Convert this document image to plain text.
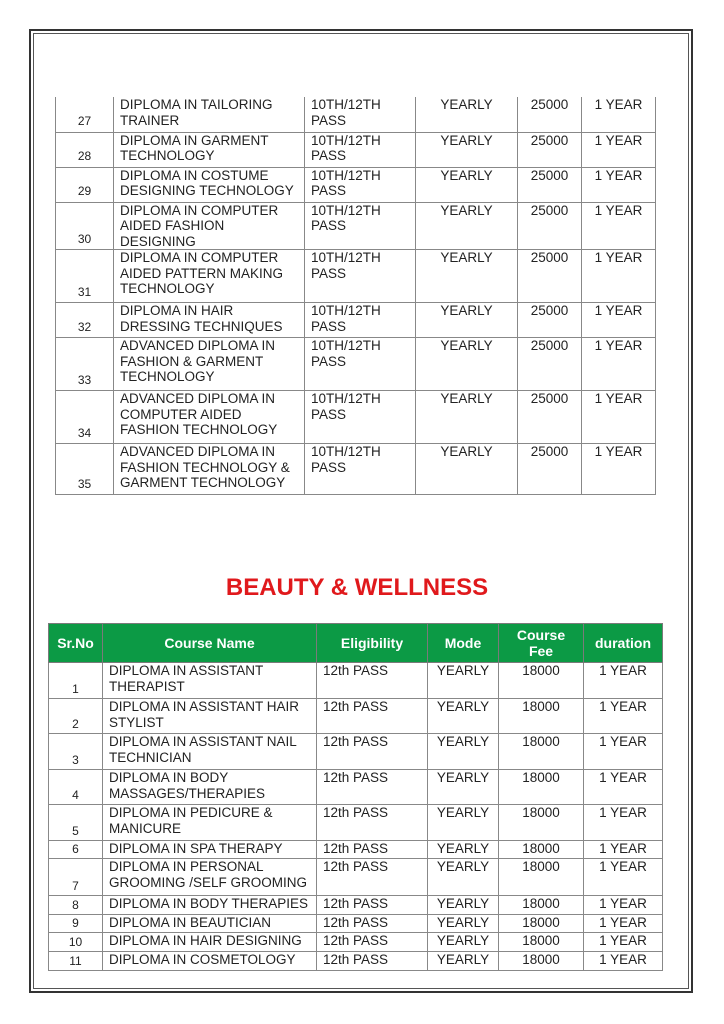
27	DIPLOMA IN TAILORING TRAINER	10TH/12TH PASS	YEARLY	25000	1 YEAR
28	DIPLOMA IN GARMENT TECHNOLOGY	10TH/12TH PASS	YEARLY	25000	1 YEAR
29	DIPLOMA IN COSTUME DESIGNING TECHNOLOGY	10TH/12TH PASS	YEARLY	25000	1 YEAR
30	DIPLOMA IN COMPUTER AIDED FASHION DESIGNING	10TH/12TH PASS	YEARLY	25000	1 YEAR
31	DIPLOMA IN COMPUTER AIDED PATTERN MAKING TECHNOLOGY	10TH/12TH PASS	YEARLY	25000	1 YEAR
32	DIPLOMA IN HAIR DRESSING TECHNIQUES	10TH/12TH PASS	YEARLY	25000	1 YEAR
33	ADVANCED DIPLOMA IN FASHION & GARMENT TECHNOLOGY	10TH/12TH PASS	YEARLY	25000	1 YEAR
34	ADVANCED DIPLOMA IN COMPUTER AIDED FASHION TECHNOLOGY	10TH/12TH PASS	YEARLY	25000	1 YEAR
35	ADVANCED DIPLOMA IN FASHION TECHNOLOGY & GARMENT TECHNOLOGY	10TH/12TH PASS	YEARLY	25000	1 YEAR
BEAUTY & WELLNESS
Sr.No	Course Name	Eligibility	Mode	Course Fee	duration
1	DIPLOMA IN ASSISTANT THERAPIST	12th PASS	YEARLY	18000	1 YEAR
2	DIPLOMA IN ASSISTANT HAIR STYLIST	12th PASS	YEARLY	18000	1 YEAR
3	DIPLOMA IN ASSISTANT NAIL TECHNICIAN	12th PASS	YEARLY	18000	1 YEAR
4	DIPLOMA IN BODY MASSAGES/THERAPIES	12th PASS	YEARLY	18000	1 YEAR
5	DIPLOMA IN PEDICURE & MANICURE	12th PASS	YEARLY	18000	1 YEAR
6	DIPLOMA IN SPA THERAPY	12th PASS	YEARLY	18000	1 YEAR
7	DIPLOMA IN PERSONAL GROOMING /SELF GROOMING	12th PASS	YEARLY	18000	1 YEAR
8	DIPLOMA IN BODY THERAPIES	12th PASS	YEARLY	18000	1 YEAR
9	DIPLOMA IN BEAUTICIAN	12th PASS	YEARLY	18000	1 YEAR
10	DIPLOMA IN HAIR DESIGNING	12th PASS	YEARLY	18000	1 YEAR
11	DIPLOMA IN COSMETOLOGY	12th PASS	YEARLY	18000	1 YEAR
